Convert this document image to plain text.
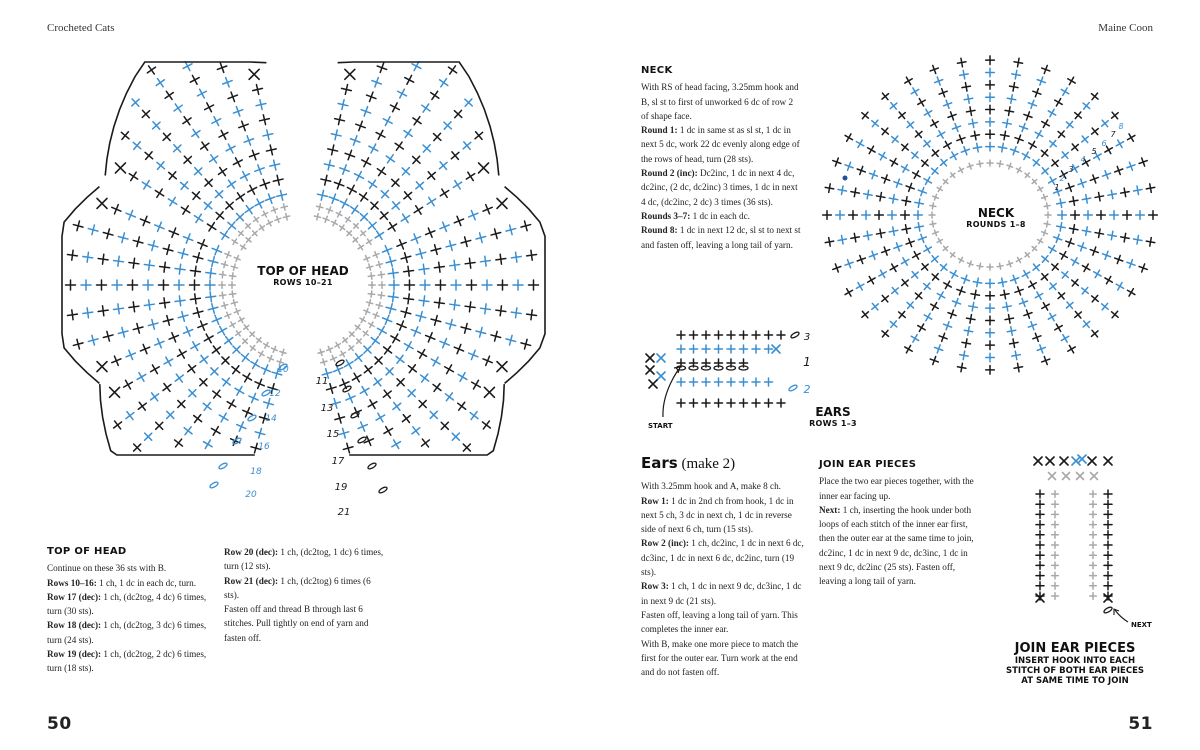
Crocheted Cats	Maine Coon
50	51
10
12
14
16
18
20
11
13
15
17
19
21
TOP OF HEAD
ROWS 10–21
TOP OF HEAD

Continue on these 36 sts with B.

Rows 10–16: 1 ch, 1 dc in each dc, turn.

Row 17 (dec): 1 ch, (dc2tog, 4 dc) 6 times, turn (30 sts).

Row 18 (dec): 1 ch, (dc2tog, 3 dc) 6 times, turn (24 sts).

Row 19 (dec): 1 ch, (dc2tog, 2 dc) 6 times, turn (18 sts).

Row 20 (dec): 1 ch, (dc2tog, 1 dc) 6 times, turn (12 sts).

Row 21 (dec): 1 ch, (dc2tog) 6 times (6 sts).

Fasten off and thread B through last 6 stitches. Pull tightly on end of yarn and fasten off.

NECK

With RS of head facing, 3.25mm hook and B, sl st to first of unworked 6 dc of row 2 of shape face.

Round 1: 1 dc in same st as sl st, 1 dc in next 5 dc, work 22 dc evenly along edge of the rows of head, turn (28 sts).

Round 2 (inc): Dc2inc, 1 dc in next 4 dc, dc2inc, (2 dc, dc2inc) 3 times, 1 dc in next 4 dc, (dc2inc, 2 dc) 3 times (36 sts).

Rounds 3–7: 1 dc in each dc.

Round 8: 1 dc in next 12 dc, sl st to next st and fasten off, leaving a long tail of yarn.

8
7
6
5
4
3
2
1
NECK
ROUNDS 1–8
3
1
2
START
EARS
ROWS 1–3
Ears (make 2)

With 3.25mm hook and A, make 8 ch.

Row 1: 1 dc in 2nd ch from hook, 1 dc in next 5 ch, 3 dc in next ch, 1 dc in reverse side of next 6 ch, turn (15 sts).

Row 2 (inc): 1 ch, dc2inc, 1 dc in next 6 dc, dc3inc, 1 dc in next 6 dc, dc2inc, turn (19 sts).

Row 3: 1 ch, 1 dc in next 9 dc, dc3inc, 1 dc in next 9 dc (21 sts).

Fasten off, leaving a long tail of yarn. This completes the inner ear.

With B, make one more piece to match the first for the outer ear. Turn work at the end and do not fasten off.

JOIN EAR PIECES

Place the two ear pieces together, with the inner ear facing up.

Next: 1 ch, inserting the hook under both loops of each stitch of the inner ear first, then the outer ear at the same time to join, dc2inc, 1 dc in next 9 dc, dc3inc, 1 dc in next 9 dc, dc2inc (25 sts). Fasten off, leaving a long tail of yarn.

NEXT
JOIN EAR PIECES
INSERT HOOK INTO EACH
STITCH OF BOTH EAR PIECES
AT SAME TIME TO JOIN
